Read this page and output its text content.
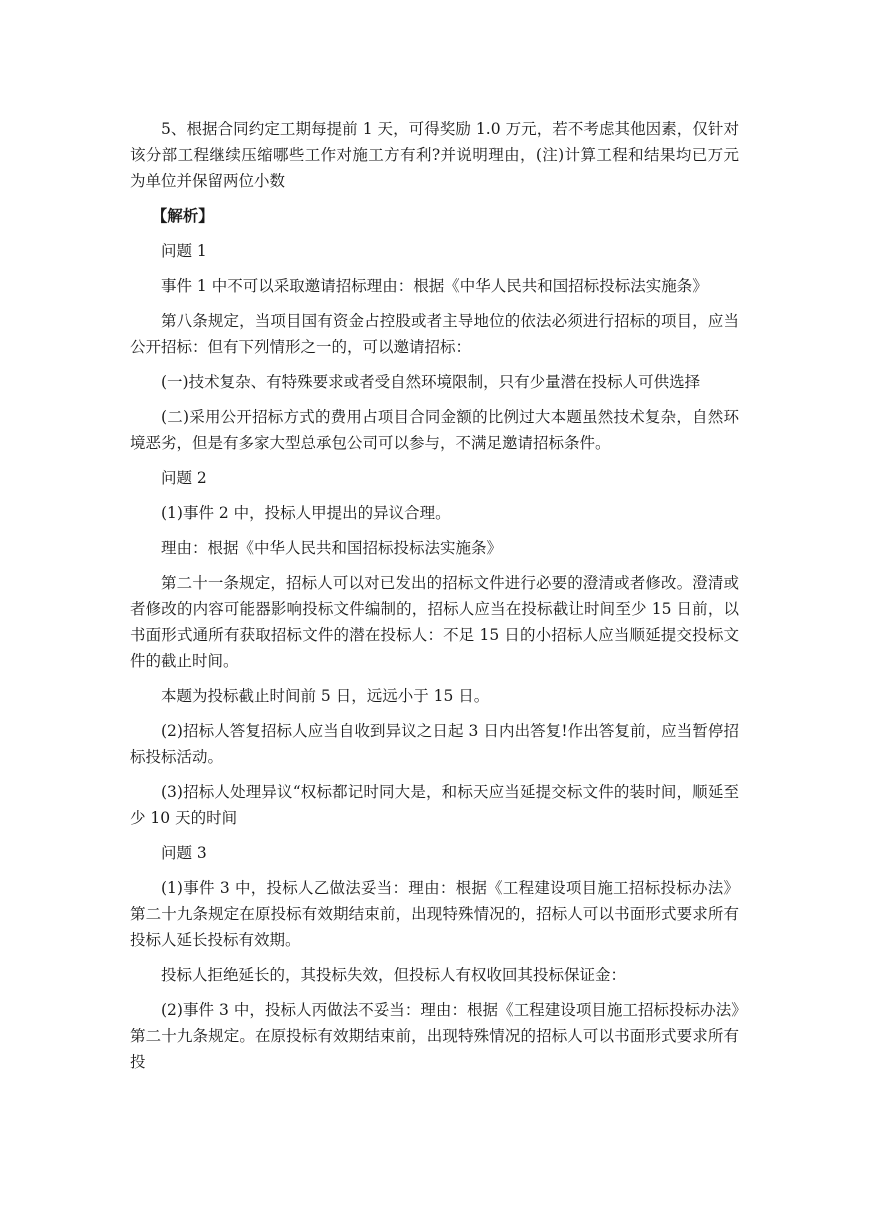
5、根据合同约定工期每提前 1 天，可得奖励 1.0 万元，若不考虑其他因素，仅针对该分部工程继续压缩哪些工作对施工方有利?并说明理由，(注)计算工程和结果均已万元为单位并保留两位小数

【解析】

问题 1

事件 1 中不可以采取邀请招标理由：根据《中华人民共和国招标投标法实施条》

第八条规定，当项目国有资金占控股或者主导地位的依法必须进行招标的项目，应当公开招标：但有下列情形之一的，可以邀请招标：

(一)技术复杂、有特殊要求或者受自然环境限制，只有少量潜在投标人可供选择

(二)采用公开招标方式的费用占项目合同金额的比例过大本题虽然技术复杂，自然环境恶劣，但是有多家大型总承包公司可以参与，不满足邀请招标条件。

问题 2

(1)事件 2 中，投标人甲提出的异议合理。

理由：根据《中华人民共和国招标投标法实施条》

第二十一条规定，招标人可以对已发出的招标文件进行必要的澄清或者修改。澄清或者修改的内容可能器影响投标文件编制的，招标人应当在投标截让时间至少 15 日前，以书面形式通所有获取招标文件的潜在投标人：不足 15 日的小招标人应当顺延提交投标文件的截止时间。

本题为投标截止时间前 5 日，远远小于 15 日。

(2)招标人答复招标人应当自收到异议之日起 3 日内出答复!作出答复前，应当暂停招标投标活动。

(3)招标人处理异议“权标都记时同大是，和标天应当延提交标文件的装时间，顺延至少 10 天的时间

问题 3

(1)事件 3 中，投标人乙做法妥当：理由：根据《工程建设项目施工招标投标办法》第二十九条规定在原投标有效期结束前，出现特殊情况的，招标人可以书面形式要求所有投标人延长投标有效期。

投标人拒绝延长的，其投标失效，但投标人有权收回其投标保证金：

(2)事件 3 中，投标人丙做法不妥当：理由：根据《工程建设项目施工招标投标办法》第二十九条规定。在原投标有效期结束前，出现特殊情况的招标人可以书面形式要求所有投
